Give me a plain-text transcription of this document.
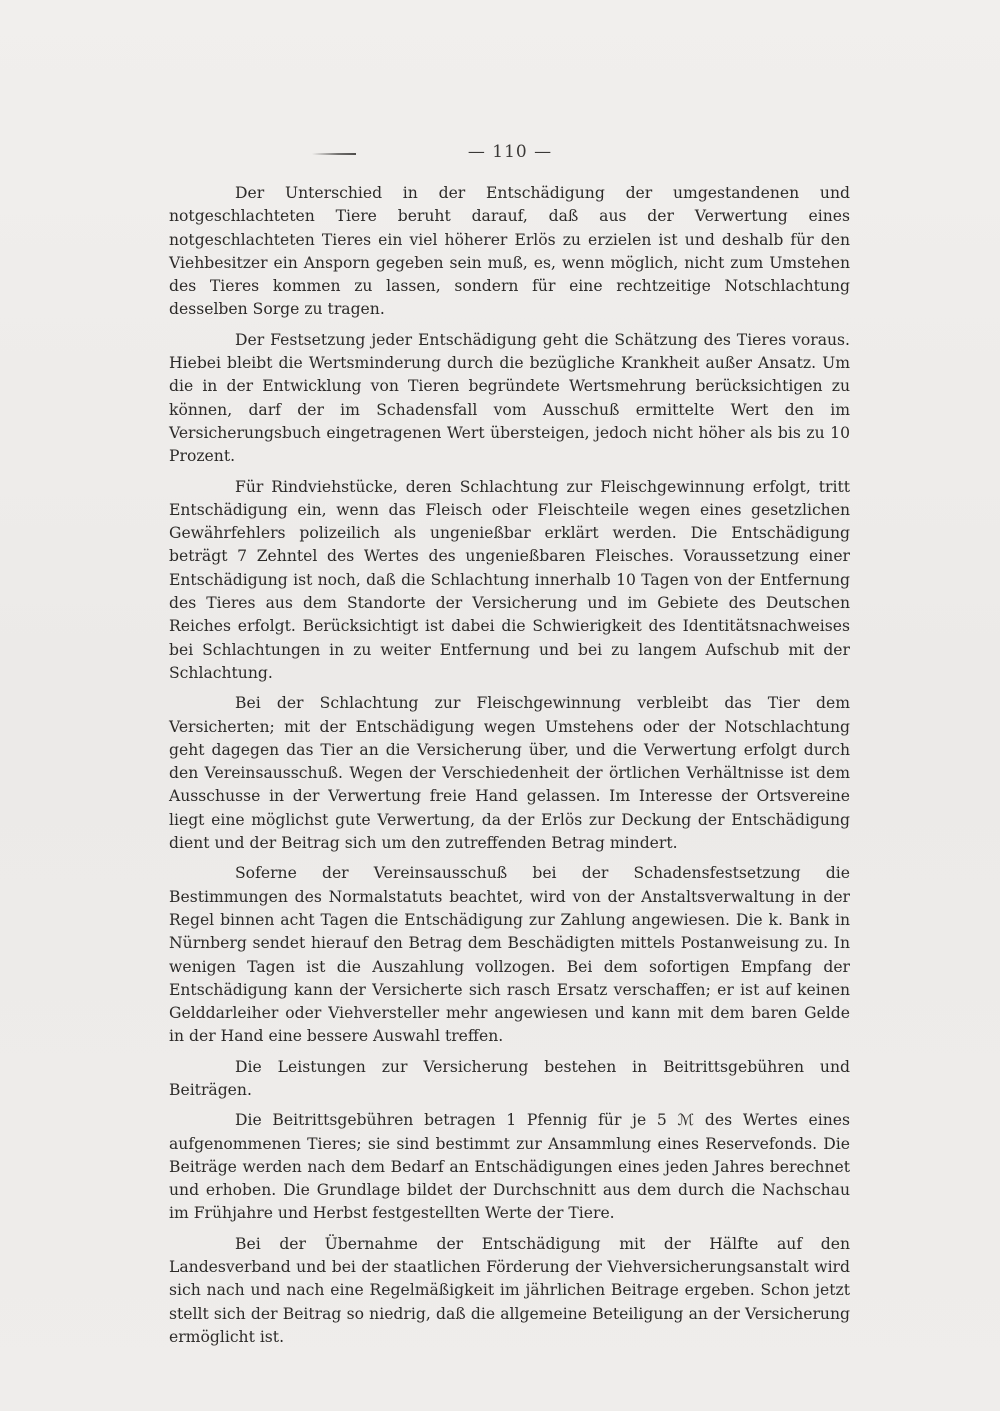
— 110 —

Der Unterschied in der Entschädigung der umgestandenen und notgeschlachteten Tiere beruht darauf, daß aus der Verwertung eines notgeschlachteten Tieres ein viel höherer Erlös zu erzielen ist und deshalb für den Viehbesitzer ein Ansporn gegeben sein muß, es, wenn möglich, nicht zum Umstehen des Tieres kommen zu lassen, sondern für eine rechtzeitige Notschlachtung desselben Sorge zu tragen.

Der Festsetzung jeder Entschädigung geht die Schätzung des Tieres voraus. Hiebei bleibt die Wertsminderung durch die bezügliche Krankheit außer Ansatz. Um die in der Entwicklung von Tieren begründete Wertsmehrung berücksichtigen zu können, darf der im Schadensfall vom Ausschuß ermittelte Wert den im Versicherungsbuch eingetragenen Wert übersteigen, jedoch nicht höher als bis zu 10 Prozent.

Für Rindviehstücke, deren Schlachtung zur Fleischgewinnung erfolgt, tritt Entschädigung ein, wenn das Fleisch oder Fleischteile wegen eines gesetzlichen Gewährfehlers polizeilich als ungenießbar erklärt werden. Die Entschädigung beträgt 7 Zehntel des Wertes des ungenießbaren Fleisches. Voraussetzung einer Entschädigung ist noch, daß die Schlachtung innerhalb 10 Tagen von der Entfernung des Tieres aus dem Standorte der Versicherung und im Gebiete des Deutschen Reiches erfolgt. Berücksichtigt ist dabei die Schwierigkeit des Identitätsnachweises bei Schlachtungen in zu weiter Entfernung und bei zu langem Aufschub mit der Schlachtung.

Bei der Schlachtung zur Fleischgewinnung verbleibt das Tier dem Versicherten; mit der Entschädigung wegen Umstehens oder der Notschlachtung geht dagegen das Tier an die Versicherung über, und die Verwertung erfolgt durch den Vereinsausschuß. Wegen der Verschiedenheit der örtlichen Verhältnisse ist dem Ausschusse in der Verwertung freie Hand gelassen. Im Interesse der Ortsvereine liegt eine möglichst gute Verwertung, da der Erlös zur Deckung der Entschädigung dient und der Beitrag sich um den zutreffenden Betrag mindert.

Soferne der Vereinsausschuß bei der Schadensfestsetzung die Bestimmungen des Normalstatuts beachtet, wird von der Anstaltsverwaltung in der Regel binnen acht Tagen die Entschädigung zur Zahlung angewiesen. Die k. Bank in Nürnberg sendet hierauf den Betrag dem Beschädigten mittels Postanweisung zu. In wenigen Tagen ist die Auszahlung vollzogen. Bei dem sofortigen Empfang der Entschädigung kann der Versicherte sich rasch Ersatz verschaffen; er ist auf keinen Gelddarleiher oder Viehversteller mehr angewiesen und kann mit dem baren Gelde in der Hand eine bessere Auswahl treffen.

Die Leistungen zur Versicherung bestehen in Beitrittsgebühren und Beiträgen.

Die Beitrittsgebühren betragen 1 Pfennig für je 5 ℳ des Wertes eines aufgenommenen Tieres; sie sind bestimmt zur Ansammlung eines Reservefonds. Die Beiträge werden nach dem Bedarf an Entschädigungen eines jeden Jahres berechnet und erhoben. Die Grundlage bildet der Durchschnitt aus dem durch die Nachschau im Frühjahre und Herbst festgestellten Werte der Tiere.

Bei der Übernahme der Entschädigung mit der Hälfte auf den Landesverband und bei der staatlichen Förderung der Viehversicherungsanstalt wird sich nach und nach eine Regelmäßigkeit im jährlichen Beitrage ergeben. Schon jetzt stellt sich der Beitrag so niedrig, daß die allgemeine Beteiligung an der Versicherung ermöglicht ist.
